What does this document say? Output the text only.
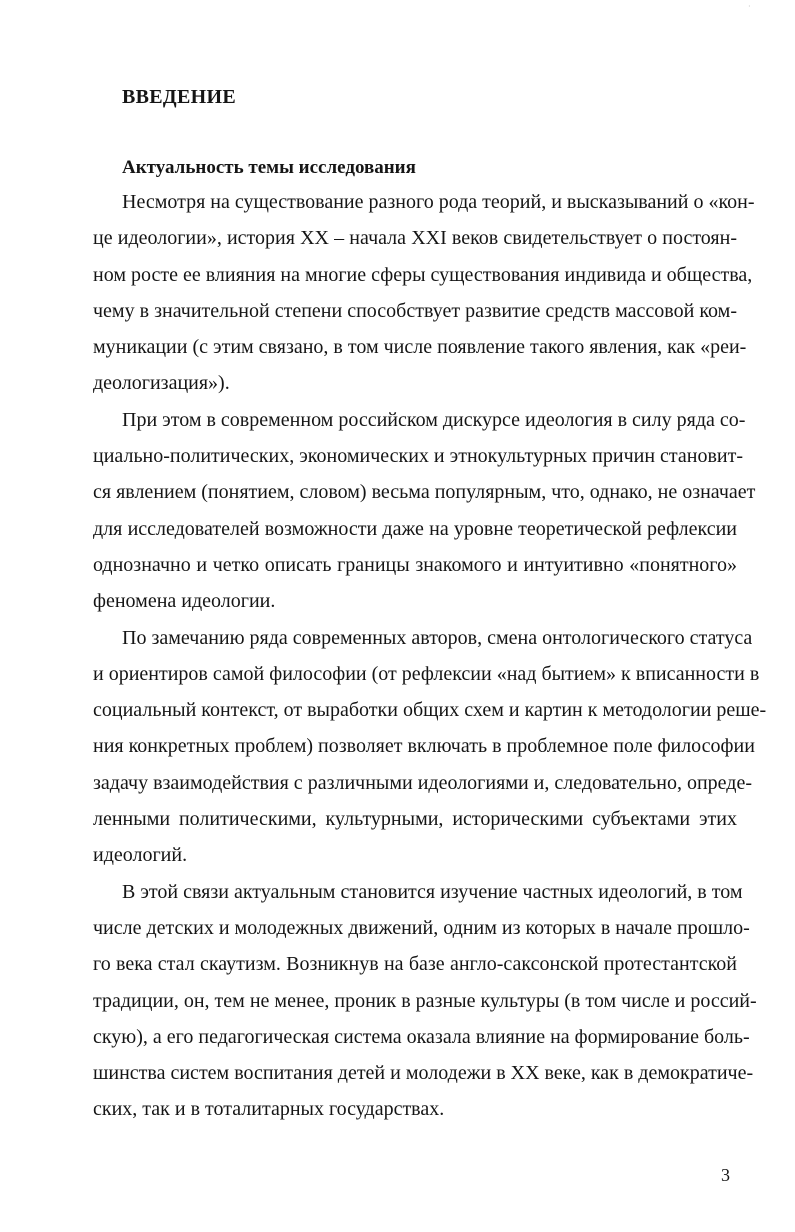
·
ВВЕДЕНИЕ
Актуальность темы исследования
Несмотря на существование разного рода теорий, и высказываний о «кон-
це идеологии», история XX – начала XXI веков свидетельствует о постоян-
ном росте ее влияния на многие сферы существования индивида и общества,
чему в значительной степени способствует развитие средств массовой ком-
муникации (с этим связано, в том числе появление такого явления, как «реи-
деологизация»).
При этом в современном российском дискурсе идеология в силу ряда со-
циально-политических, экономических и этнокультурных причин становит-
ся явлением (понятием, словом) весьма популярным, что, однако, не означает
для исследователей возможности даже на уровне теоретической рефлексии
однозначно и четко описать границы знакомого и интуитивно «понятного»
феномена идеологии.
По замечанию ряда современных авторов, смена онтологического статуса
и ориентиров самой философии (от рефлексии «над бытием» к вписанности в
социальный контекст, от выработки общих схем и картин к методологии реше-
ния конкретных проблем) позволяет включать в проблемное поле философии
задачу взаимодействия с различными идеологиями и, следовательно, опреде-
ленными политическими, культурными, историческими субъектами этих
идеологий.
В этой связи актуальным становится изучение частных идеологий, в том
числе детских и молодежных движений, одним из которых в начале прошло-
го века стал скаутизм. Возникнув на базе англо-саксонской протестантской
традиции, он, тем не менее, проник в разные культуры (в том числе и россий-
скую), а его педагогическая система оказала влияние на формирование боль-
шинства систем воспитания детей и молодежи в XX веке, как в демократиче-
ских, так и в тоталитарных государствах.
3
